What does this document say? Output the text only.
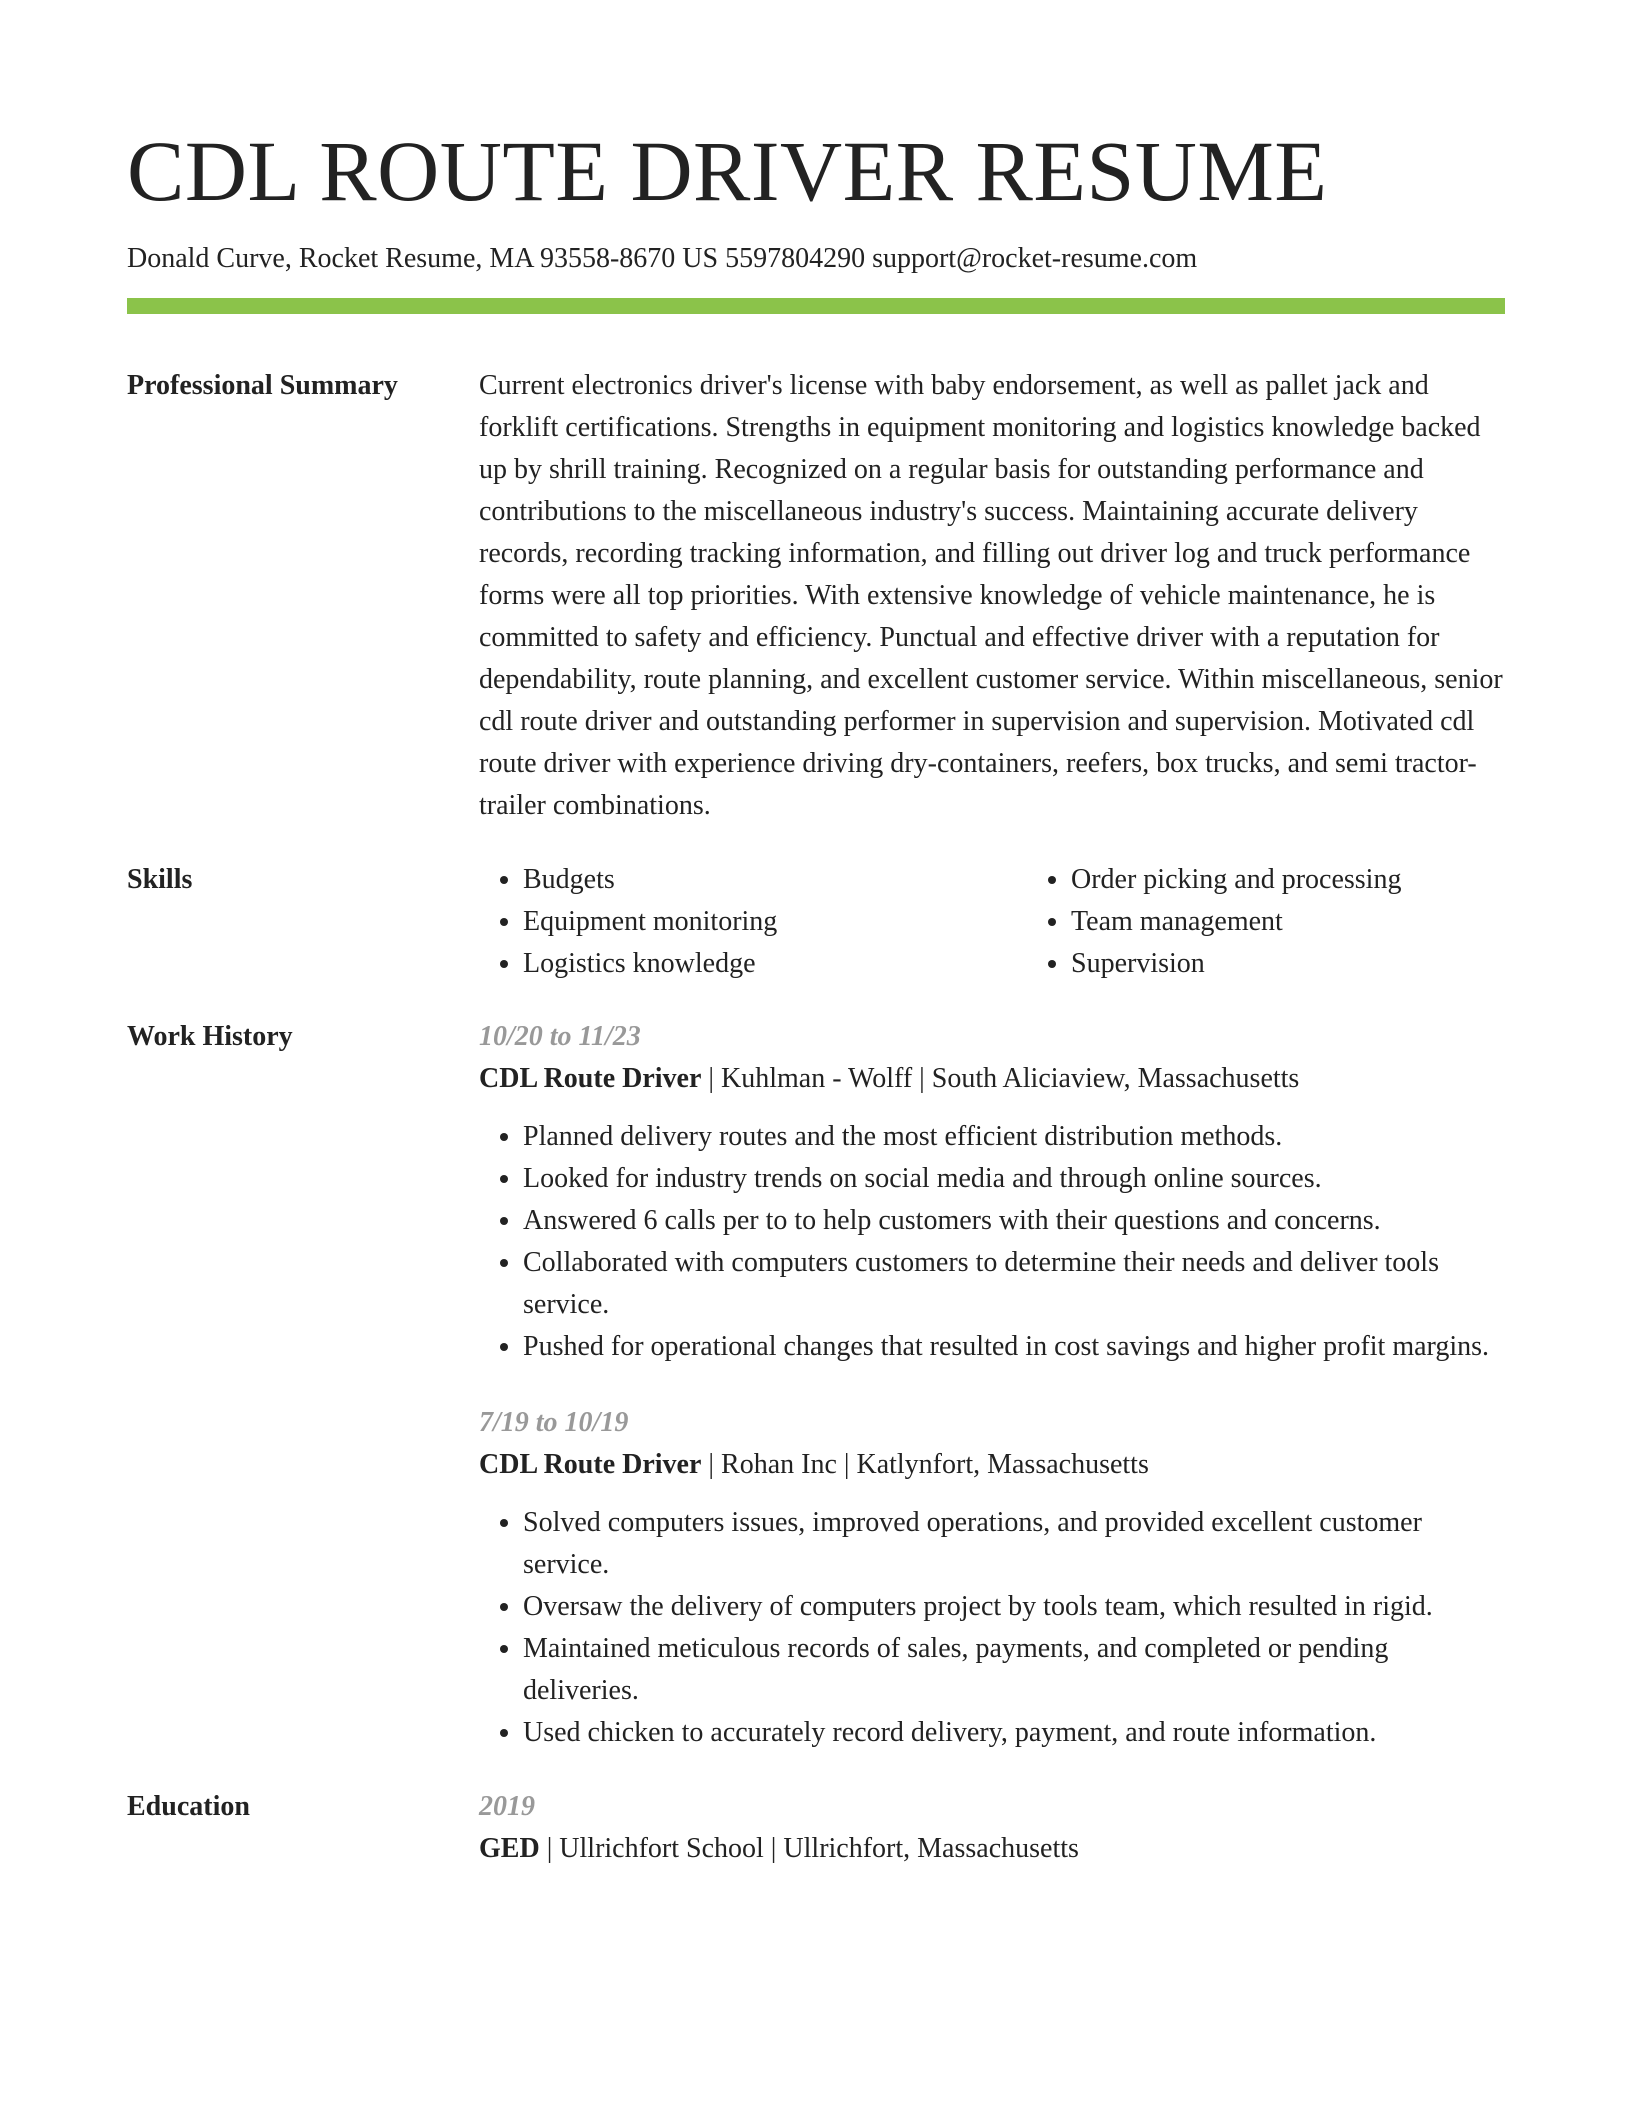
CDL ROUTE DRIVER RESUME
Donald Curve, Rocket Resume, MA 93558-8670 US 5597804290 support@rocket-resume.com
Professional Summary	Current electronics driver's license with baby endorsement, as well as pallet jack and forklift certifications. Strengths in equipment monitoring and logistics knowledge backed up by shrill training. Recognized on a regular basis for outstanding performance and contributions to the miscellaneous industry's success. Maintaining accurate delivery records, recording tracking information, and filling out driver log and truck performance forms were all top priorities. With extensive knowledge of vehicle maintenance, he is committed to safety and efficiency. Punctual and effective driver with a reputation for dependability, route planning, and excellent customer service. Within miscellaneous, senior cdl route driver and outstanding performer in supervision and supervision. Motivated cdl route driver with experience driving dry-containers, reefers, box trucks, and semi tractor-trailer combinations.
Skills
•	Budgets
• Equipment monitoring
• Logistics knowledge
• Order picking and processing
• Team management
• Supervision
Work History	10/20 to 11/23
CDL Route Driver | Kuhlman - Wolff | South Aliciaview, Massachusetts
• Planned delivery routes and the most efficient distribution methods.
• Looked for industry trends on social media and through online sources.
• Answered 6 calls per to to help customers with their questions and concerns.
• Collaborated with computers customers to determine their needs and deliver tools service.
• Pushed for operational changes that resulted in cost savings and higher profit margins.
7/19 to 10/19
CDL Route Driver | Rohan Inc | Katlynfort, Massachusetts
• Solved computers issues, improved operations, and provided excellent customer service.
• Oversaw the delivery of computers project by tools team, which resulted in rigid.
• Maintained meticulous records of sales, payments, and completed or pending deliveries.
• Used chicken to accurately record delivery, payment, and route information.
Education	2019
GED | Ullrichfort School | Ullrichfort, Massachusetts
